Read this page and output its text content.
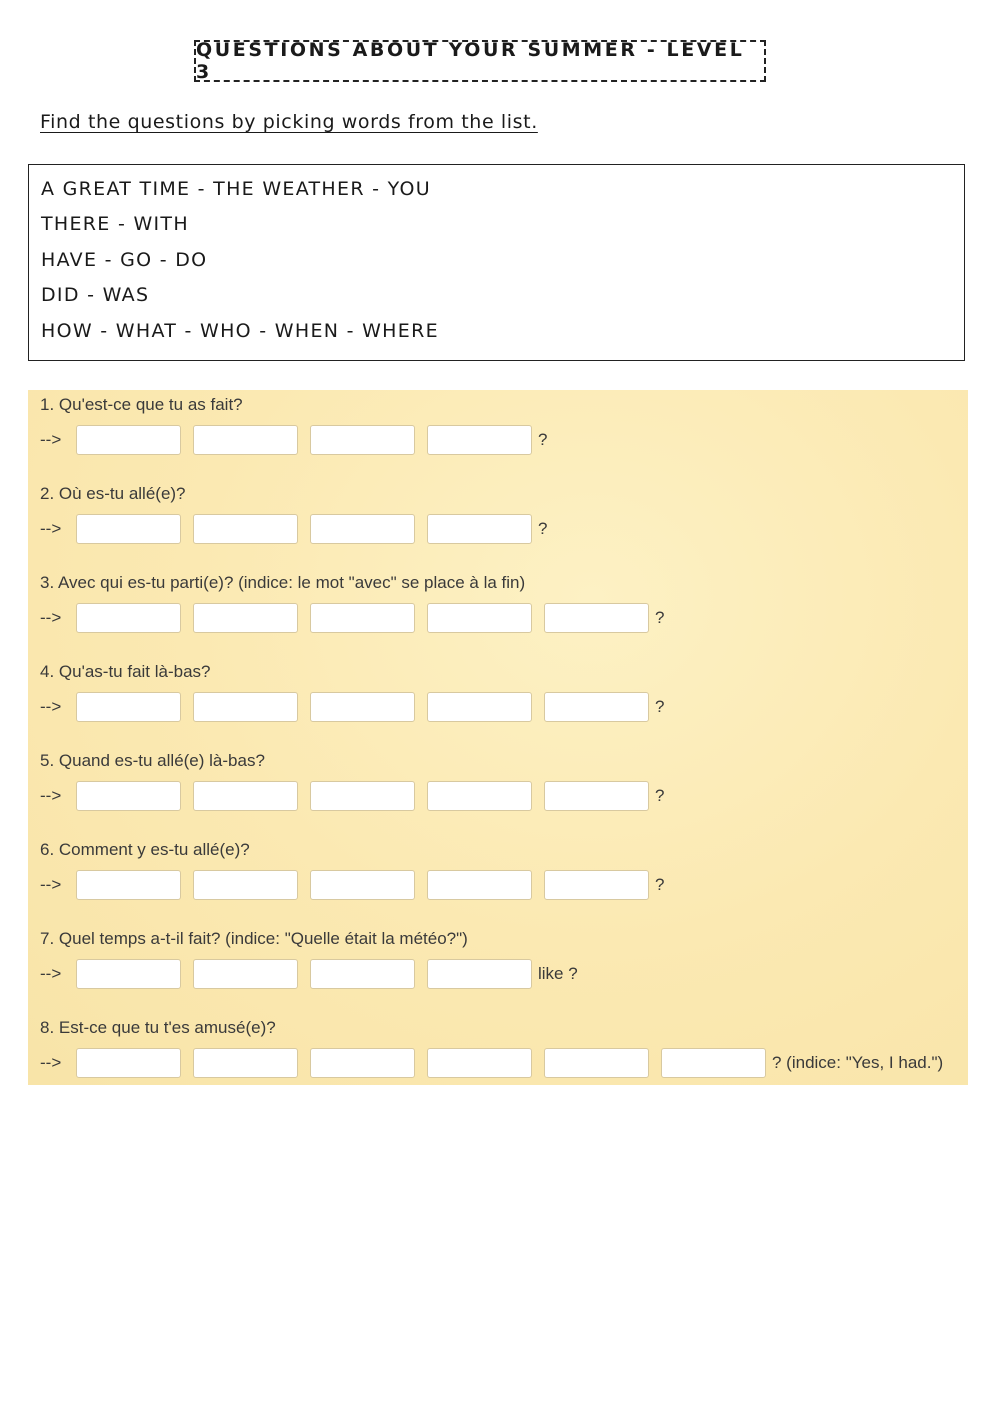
QUESTIONS ABOUT YOUR SUMMER - LEVEL 3
Find the questions by picking words from the list.
A GREAT TIME - THE WEATHER - YOU
THERE - WITH
HAVE - GO - DO
DID - WAS
HOW - WHAT - WHO - WHEN - WHERE
1. Qu'est-ce que tu as fait?
-->	?
2. Où es-tu allé(e)?
-->	?
3. Avec qui es-tu parti(e)? (indice: le mot "avec" se place à la fin)
-->	?
4. Qu'as-tu fait là-bas?
-->	?
5. Quand es-tu allé(e) là-bas?
-->	?
6. Comment y es-tu allé(e)?
-->	?
7. Quel temps a-t-il fait? (indice: "Quelle était la météo?")
-->	like ?
8. Est-ce que tu t'es amusé(e)?
-->	? (indice: "Yes, I had.")
